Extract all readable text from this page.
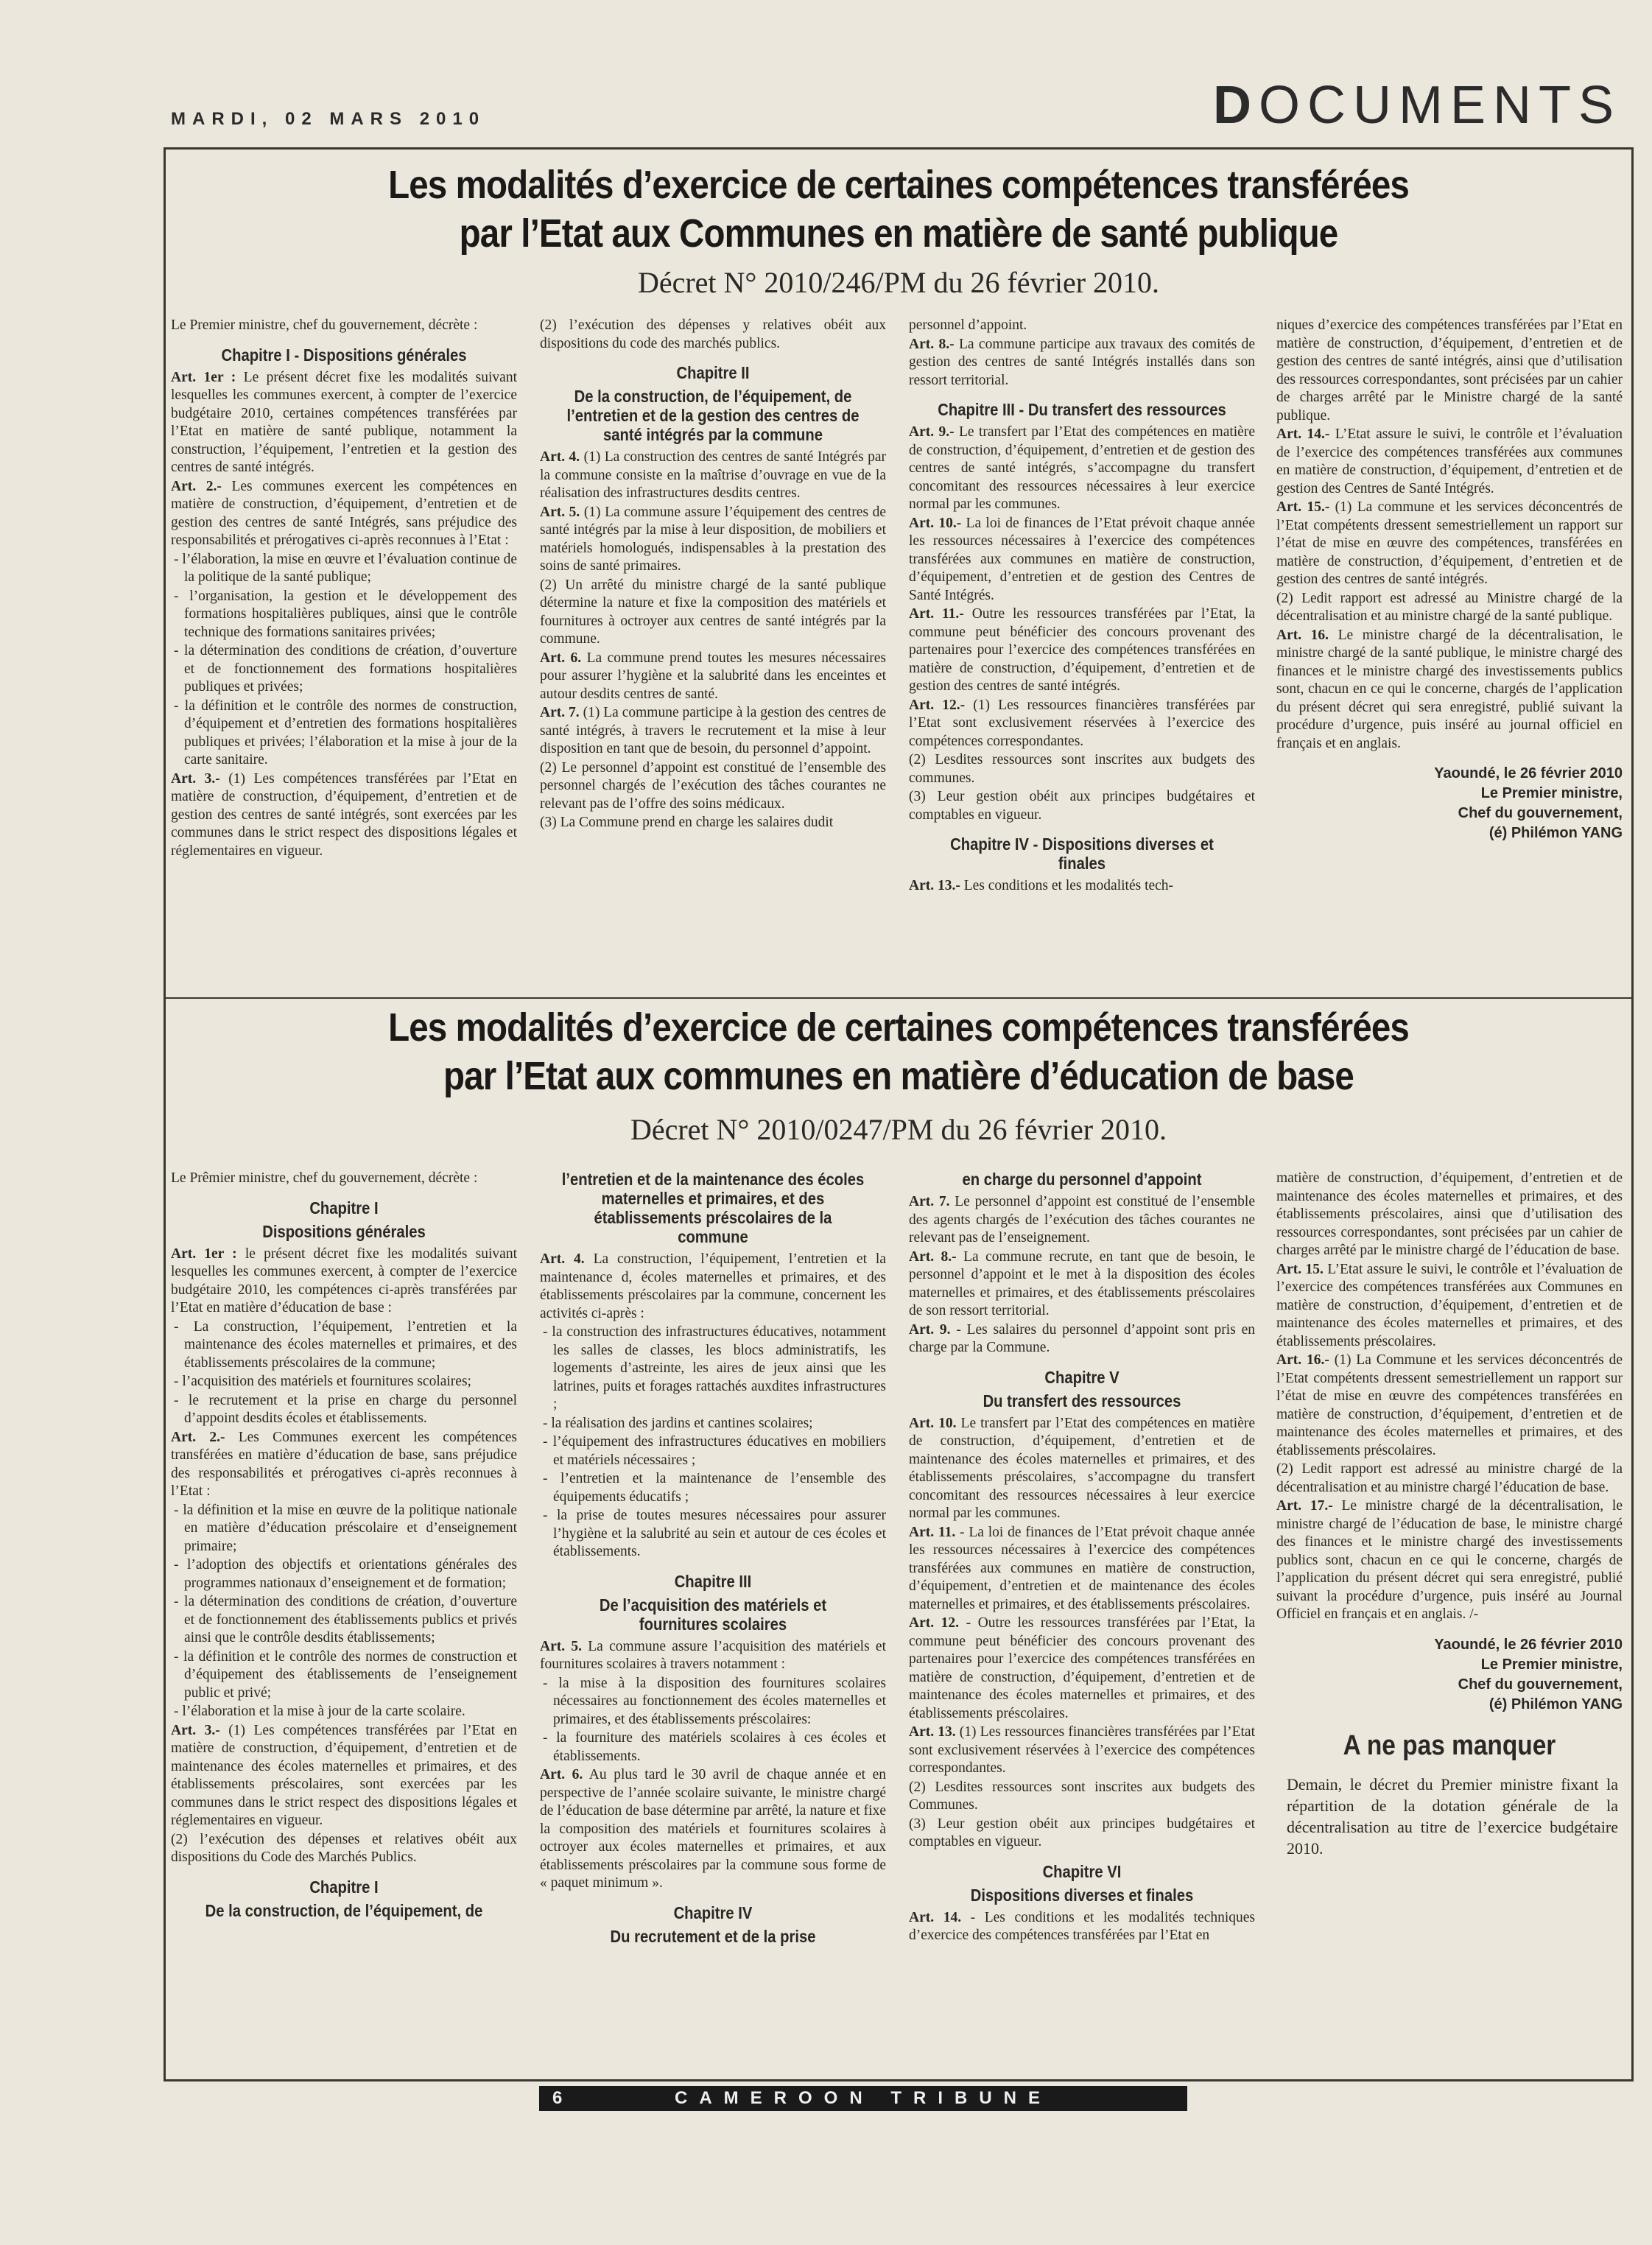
MARDI, 02 MARS 2010	DOCUMENTS
Les modalités d’exercice de certaines compétences transférées
par l’Etat aux Communes en matière de santé publique
Décret N° 2010/246/PM du 26 février 2010.

Le Premier ministre, chef du gouvernement, décrète :

Chapitre I - Dispositions générales

Art. 1er : Le présent décret fixe les modalités suivant lesquelles les communes exercent, à compter de l’exercice budgétaire 2010, certaines compétences transférées par l’Etat en matière de santé publique, notamment la construction, l’équipement, l’entretien et la gestion des centres de santé intégrés.

Art. 2.- Les communes exercent les compétences en matière de construction, d’équipement, d’entretien et de gestion des centres de santé Intégrés, sans préjudice des responsabilités et prérogatives ci-après reconnues à l’Etat :

- l’élaboration, la mise en œuvre et l’évaluation continue de la politique de la santé publique;

- l’organisation, la gestion et le développement des formations hospitalières publiques, ainsi que le contrôle technique des formations sanitaires privées;

- la détermination des conditions de création, d’ouverture et de fonctionnement des formations hospitalières publiques et privées;

- la définition et le contrôle des normes de construction, d’équipement et d’entretien des formations hospitalières publiques et privées; l’élaboration et la mise à jour de la carte sanitaire.

Art. 3.- (1) Les compétences transférées par l’Etat en matière de construction, d’équipement, d’entretien et de gestion des centres de santé intégrés, sont exercées par les communes dans le strict respect des dispositions légales et réglementaires en vigueur.

(2) l’exécution des dépenses y relatives obéit aux dispositions du code des marchés publics.

Chapitre II
De la construction, de l’équipement, de l’entretien et de la gestion des centres de santé intégrés par la commune

Art. 4. (1) La construction des centres de santé Intégrés par la commune consiste en la maîtrise d’ouvrage en vue de la réalisation des infrastructures desdits centres.

Art. 5. (1) La commune assure l’équipement des centres de santé intégrés par la mise à leur disposition, de mobiliers et matériels homologués, indispensables à la prestation des soins de santé primaires.

(2) Un arrêté du ministre chargé de la santé publique détermine la nature et fixe la composition des matériels et fournitures à octroyer aux centres de santé intégrés par la commune.

Art. 6. La commune prend toutes les mesures nécessaires pour assurer l’hygiène et la salubrité dans les enceintes et autour desdits centres de santé.

Art. 7. (1) La commune participe à la gestion des centres de santé intégrés, à travers le recrutement et la mise à leur disposition en tant que de besoin, du personnel d’appoint.

(2) Le personnel d’appoint est constitué de l’ensemble des personnel chargés de l’exécution des tâches courantes ne relevant pas de l’offre des soins médicaux.

(3) La Commune prend en charge les salaires dudit

personnel d’appoint.

Art. 8.- La commune participe aux travaux des comités de gestion des centres de santé Intégrés installés dans son ressort territorial.

Chapitre III - Du transfert des ressources

Art. 9.- Le transfert par l’Etat des compétences en matière de construction, d’équipement, d’entretien et de gestion des centres de santé intégrés, s’accompagne du transfert concomitant des ressources nécessaires à leur exercice normal par les communes.

Art. 10.- La loi de finances de l’Etat prévoit chaque année les ressources nécessaires à l’exercice des compétences transférées aux communes en matière de construction, d’équipement, d’entretien et de gestion des Centres de Santé Intégrés.

Art. 11.- Outre les ressources transférées par l’Etat, la commune peut bénéficier des concours provenant des partenaires pour l’exercice des compétences transférées en matière de construction, d’équipement, d’entretien et de gestion des centres de santé intégrés.

Art. 12.- (1) Les ressources financières transférées par l’Etat sont exclusivement réservées à l’exercice des compétences correspondantes.

(2) Lesdites ressources sont inscrites aux budgets des communes.

(3) Leur gestion obéit aux principes budgétaires et comptables en vigueur.

Chapitre IV - Dispositions diverses et finales

Art. 13.- Les conditions et les modalités tech-

niques d’exercice des compétences transférées par l’Etat en matière de construction, d’équipement, d’entretien et de gestion des centres de santé intégrés, ainsi que d’utilisation des ressources correspondantes, sont précisées par un cahier de charges arrêté par le Ministre chargé de la santé publique.

Art. 14.- L’Etat assure le suivi, le contrôle et l’évaluation de l’exercice des compétences transférées aux communes en matière de construction, d’équipement, d’entretien et de gestion des Centres de Santé Intégrés.

Art. 15.- (1) La commune et les services déconcentrés de l’Etat compétents dressent semestriellement un rapport sur l’état de mise en œuvre des compétences, transférées en matière de construction, d’équipement, d’entretien et de gestion des centres de santé intégrés.

(2) Ledit rapport est adressé au Ministre chargé de la décentralisation et au ministre chargé de la santé publique.

Art. 16. Le ministre chargé de la décentralisation, le ministre chargé de la santé publique, le ministre chargé des finances et le ministre chargé des investissements publics sont, chacun en ce qui le concerne, chargés de l’application du présent décret qui sera enregistré, publié suivant la procédure d’urgence, puis inséré au journal officiel en français et en anglais.

Yaoundé, le 26 février 2010
Le Premier ministre,
Chef du gouvernement,
(é) Philémon YANG
Les modalités d’exercice de certaines compétences transférées
par l’Etat aux communes en matière d’éducation de base
Décret N° 2010/0247/PM du 26 février 2010.

Le Prêmier ministre, chef du gouvernement, décrète :

Chapitre I
Dispositions générales

Art. 1er : le présent décret fixe les modalités suivant lesquelles les communes exercent, à compter de l’exercice budgétaire 2010, les compétences ci-après transférées par l’Etat en matière d’éducation de base :

- La construction, l’équipement, l’entretien et la maintenance des écoles maternelles et primaires, et des établissements préscolaires de la commune;

- l’acquisition des matériels et fournitures scolaires;

- le recrutement et la prise en charge du personnel d’appoint desdits écoles et établissements.

Art. 2.- Les Communes exercent les compétences transférées en matière d’éducation de base, sans préjudice des responsabilités et prérogatives ci-après reconnues à l’Etat :

- la définition et la mise en œuvre de la politique nationale en matière d’éducation préscolaire et d’enseignement primaire;

- l’adoption des objectifs et orientations générales des programmes nationaux d’enseignement et de formation;

- la détermination des conditions de création, d’ouverture et de fonctionnement des établissements publics et privés ainsi que le contrôle desdits établissements;

- la définition et le contrôle des normes de construction et d’équipement des établissements de l’enseignement public et privé;

- l’élaboration et la mise à jour de la carte scolaire.

Art. 3.- (1) Les compétences transférées par l’Etat en matière de construction, d’équipement, d’entretien et de maintenance des écoles maternelles et primaires, et des établissements préscolaires, sont exercées par les communes dans le strict respect des dispositions légales et réglementaires en vigueur.

(2) l’exécution des dépenses et relatives obéit aux dispositions du Code des Marchés Publics.

Chapitre I
De la construction, de l’équipement, de
l’entretien et de la maintenance des écoles maternelles et primaires, et des établissements préscolaires de la commune

Art. 4. La construction, l’équipement, l’entretien et la maintenance d, écoles maternelles et primaires, et des établissements préscolaires par la commune, concernent les activités ci-après :

- la construction des infrastructures éducatives, notamment les salles de classes, les blocs administratifs, les logements d’astreinte, les aires de jeux ainsi que les latrines, puits et forages rattachés auxdites infrastructures ;

- la réalisation des jardins et cantines scolaires;

- l’équipement des infrastructures éducatives en mobiliers et matériels nécessaires ;

- l’entretien et la maintenance de l’ensemble des équipements éducatifs ;

- la prise de toutes mesures nécessaires pour assurer l’hygiène et la salubrité au sein et autour de ces écoles et établissements.

Chapitre III
De l’acquisition des matériels et fournitures scolaires

Art. 5. La commune assure l’acquisition des matériels et fournitures scolaires à travers notamment :

- la mise à la disposition des fournitures scolaires nécessaires au fonctionnement des écoles maternelles et primaires, et des établissements préscolaires:

- la fourniture des matériels scolaires à ces écoles et établissements.

Art. 6. Au plus tard le 30 avril de chaque année et en perspective de l’année scolaire suivante, le ministre chargé de l’éducation de base détermine par arrêté, la nature et fixe la composition des matériels et fournitures scolaires à octroyer aux écoles maternelles et primaires, et aux établissements préscolaires par la commune sous forme de « paquet minimum ».

Chapitre IV
Du recrutement et de la prise
en charge du personnel d’appoint

Art. 7. Le personnel d’appoint est constitué de l’ensemble des agents chargés de l’exécution des tâches courantes ne relevant pas de l’enseignement.

Art. 8.- La commune recrute, en tant que de besoin, le personnel d’appoint et le met à la disposition des écoles maternelles et primaires, et des établissements préscolaires de son ressort territorial.

Art. 9. - Les salaires du personnel d’appoint sont pris en charge par la Commune.

Chapitre V
Du transfert des ressources

Art. 10. Le transfert par l’Etat des compétences en matière de construction, d’équipement, d’entretien et de maintenance des écoles maternelles et primaires, et des établissements préscolaires, s’accompagne du transfert concomitant des ressources nécessaires à leur exercice normal par les communes.

Art. 11. - La loi de finances de l’Etat prévoit chaque année les ressources nécessaires à l’exercice des compétences transférées aux communes en matière de construction, d’équipement, d’entretien et de maintenance des écoles maternelles et primaires, et des établissements préscolaires.

Art. 12. - Outre les ressources transférées par l’Etat, la commune peut bénéficier des concours provenant des partenaires pour l’exercice des compétences transférées en matière de construction, d’équipement, d’entretien et de maintenance des écoles maternelles et primaires, et des établissements préscolaires.

Art. 13. (1) Les ressources financières transférées par l’Etat sont exclusivement réservées à l’exercice des compétences correspondantes.

(2) Lesdites ressources sont inscrites aux budgets des Communes.

(3) Leur gestion obéit aux principes budgétaires et comptables en vigueur.

Chapitre VI
Dispositions diverses et finales

Art. 14. - Les conditions et les modalités techniques d’exercice des compétences transférées par l’Etat en

matière de construction, d’équipement, d’entretien et de maintenance des écoles maternelles et primaires, et des établissements préscolaires, ainsi que d’utilisation des ressources correspondantes, sont précisées par un cahier de charges arrêté par le ministre chargé de l’éducation de base.

Art. 15. L’Etat assure le suivi, le contrôle et l’évaluation de l’exercice des compétences transférées aux Communes en matière de construction, d’équipement, d’entretien et de maintenance des écoles maternelles et primaires, et des établissements préscolaires.

Art. 16.- (1) La Commune et les services déconcentrés de l’Etat compétents dressent semestriellement un rapport sur l’état de mise en œuvre des compétences transférées en matière de construction, d’équipement, d’entretien et de maintenance des écoles maternelles et primaires, et des établissements préscolaires.

(2) Ledit rapport est adressé au ministre chargé de la décentralisation et au ministre chargé l’éducation de base.

Art. 17.- Le ministre chargé de la décentralisation, le ministre chargé de l’éducation de base, le ministre chargé des finances et le ministre chargé des investissements publics sont, chacun en ce qui le concerne, chargés de l’application du présent décret qui sera enregistré, publié suivant la procédure d’urgence, puis inséré au Journal Officiel en français et en anglais. /-

Yaoundé, le 26 février 2010
Le Premier ministre,
Chef du gouvernement,
(é) Philémon YANG
A ne pas manquer
Demain, le décret du Premier ministre fixant la répartition de la dotation générale de la décentralisation au titre de l’exercice budgétaire 2010.
6	CAMEROON TRIBUNE
